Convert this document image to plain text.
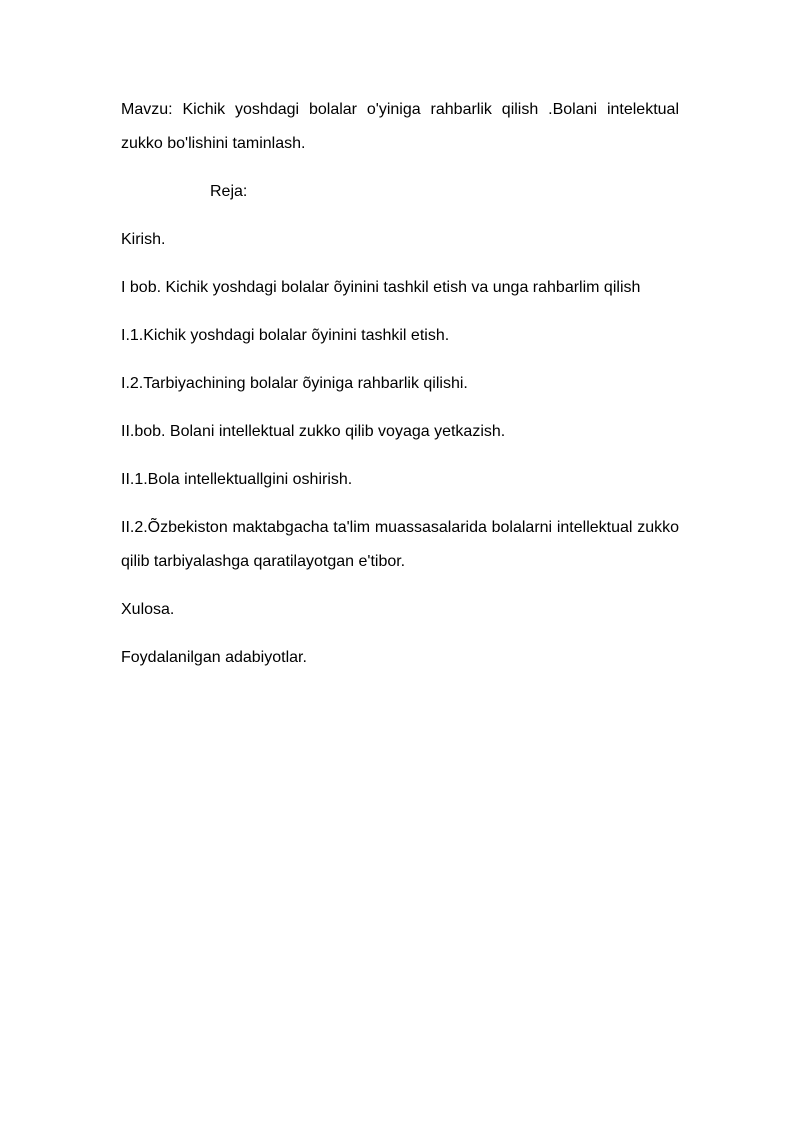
Mavzu: Kichik yoshdagi bolalar o'yiniga rahbarlik qilish .Bolani intelektual zukko bo'lishini taminlash.

Reja:

Kirish.

I bob. Kichik yoshdagi bolalar õyinini tashkil etish va unga rahbarlim qilish

I.1.Kichik yoshdagi bolalar õyinini tashkil etish.

I.2.Tarbiyachining bolalar õyiniga rahbarlik qilishi.

II.bob. Bolani intellektual zukko qilib voyaga yetkazish.

II.1.Bola intellektuallgini oshirish.

II.2.Õzbekiston maktabgacha ta'lim muassasalarida bolalarni intellektual zukko qilib tarbiyalashga qaratilayotgan e'tibor.

Xulosa.

Foydalanilgan adabiyotlar.
